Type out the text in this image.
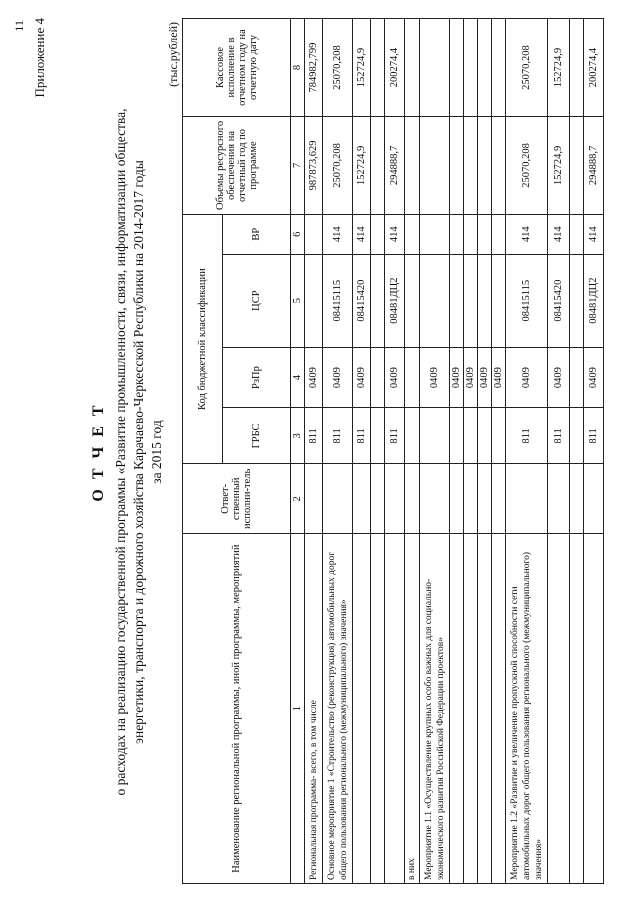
11 Приложение 4
О Т Ч Е Т о расходах на реализацию государственной программы «Развитие промышленности, связи, информатизации общества, энергетики, транспорта и дорожного хозяйства Карачаево-Черкесской Республики на 2014-2017 годы за 2015 год
(тыс.рублей)
Наименование региональной программы, иной программы, мероприятий	Ответ-ственный исполни-тель	Код бюджетной классификации				Объемы ресурсного обеспечения на отчетный год по программе	Кассовое исполнение в отчетном году на отчетную дату
		ГРБС	РзПр	ЦСР	ВР		
1	2	3	4	5	6	7	8
Региональная программа- всего, в том числе		811	0409			987873,629	784982,799
Основное мероприятие 1 «Строительство (реконструкция) автомобильных дорог общего пользования регионального (межмуниципального) значения»		811	0409	08415115	414	25070,208	25070,208
		811	0409	08415420	414	152724,9	152724,9

		811	0409	08481ДЦ2	414	294888,7	200274,4
в них							
Мероприятие 1.1 «Осуществление крупных особо важных для социально-экономического развития Российской Федерации проектов»			0409				
			0409				
			0409				
			0409				
			0409				
Мероприятие 1.2 «Развитие и увеличение пропускной способности сети автомобильных дорог общего пользования регионального (межмуниципального) значения»		811	0409	08415115	414	25070,208	25070,208
		811	0409	08415420	414	152724,9	152724,9

		811	0409	08481ДЦ2	414	294888,7	200274,4
